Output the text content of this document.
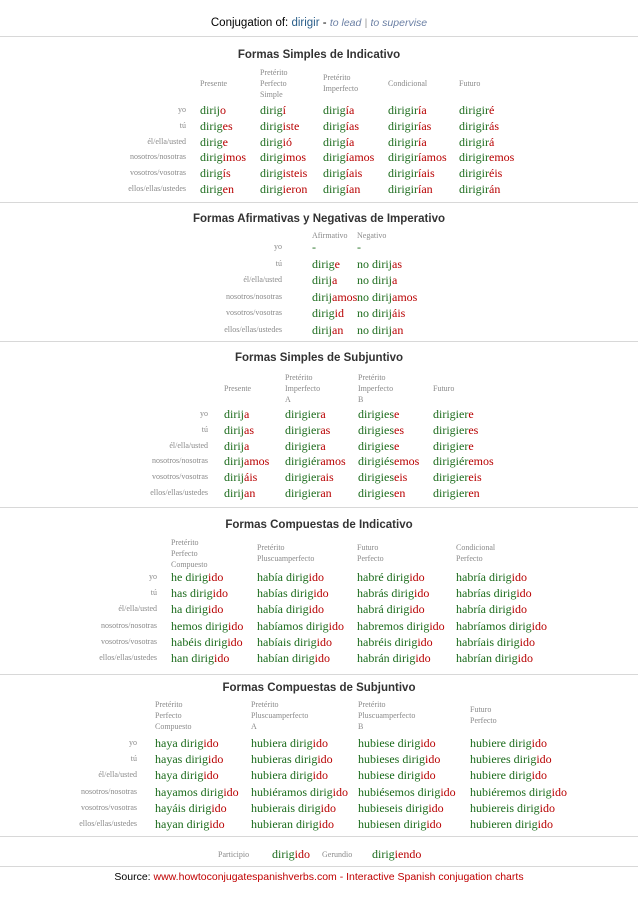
Conjugation of: dirigir - to lead | to supervise
Formas Simples de Indicativo
Presente
Pretérito
Perfecto
Simple
Pretérito
Imperfecto
Condicional	Futuro
yo
tú
él/ella/usted
nosotros/nosotras
vosotros/vosotras
ellos/ellas/ustedes
dirijo
diriges
dirige
dirigimos
dirigís
dirigen
dirigí
dirigiste
dirigió
dirigimos
dirigisteis
dirigieron
dirigía
dirigías
dirigía
dirigíamos
dirigíais
dirigían
dirigiría
dirigirías
dirigiría
dirigiríamos
dirigiríais
dirigirían
dirigiré
dirigirás
dirigirá
dirigiremos
dirigiréis
dirigirán
Formas Afirmativas y Negativas de Imperativo
Afirmativo	Negativo
yo
tú
él/ella/usted
nosotros/nosotras
vosotros/vosotras
ellos/ellas/ustedes
-
dirige
dirija
dirijamos
dirigid
dirijan
-
no dirijas
no dirija
no dirijamos
no dirijáis
no dirijan
Formas Simples de Subjuntivo
Presente
Pretérito
Imperfecto
A
Pretérito
Imperfecto
B
Futuro
yo
tú
él/ella/usted
nosotros/nosotras
vosotros/vosotras
ellos/ellas/ustedes
dirija
dirijas
dirija
dirijamos
dirijáis
dirijan
dirigiera
dirigieras
dirigiera
dirigiéramos
dirigierais
dirigieran
dirigiese
dirigieses
dirigiese
dirigiésemos
dirigieseis
dirigiesen
dirigiere
dirigieres
dirigiere
dirigiéremos
dirigiereis
dirigieren
Formas Compuestas de Indicativo
Pretérito
Perfecto
Compuesto
Pretérito
Pluscuamperfecto
Futuro
Perfecto
Condicional
Perfecto
yo
tú
él/ella/usted
nosotros/nosotras
vosotros/vosotras
ellos/ellas/ustedes
he dirigido
has dirigido
ha dirigido
hemos dirigido
habéis dirigido
han dirigido
había dirigido
habías dirigido
había dirigido
habíamos dirigido
habíais dirigido
habían dirigido
habré dirigido
habrás dirigido
habrá dirigido
habremos dirigido
habréis dirigido
habrán dirigido
habría dirigido
habrías dirigido
habría dirigido
habríamos dirigido
habríais dirigido
habrían dirigido
Formas Compuestas de Subjuntivo
Pretérito
Perfecto
Compuesto
Pretérito
Pluscuamperfecto
A
Pretérito
Pluscuamperfecto
B
Futuro
Perfecto
yo
tú
él/ella/usted
nosotros/nosotras
vosotros/vosotras
ellos/ellas/ustedes
haya dirigido
hayas dirigido
haya dirigido
hayamos dirigido
hayáis dirigido
hayan dirigido
hubiera dirigido
hubieras dirigido
hubiera dirigido
hubiéramos dirigido
hubierais dirigido
hubieran dirigido
hubiese dirigido
hubieses dirigido
hubiese dirigido
hubiésemos dirigido
hubieseis dirigido
hubiesen dirigido
hubiere dirigido
hubieres dirigido
hubiere dirigido
hubiéremos dirigido
hubiereis dirigido
hubieren dirigido
Participio dirigido Gerundio dirigiendo
Source: www.howtoconjugatespanishverbs.com - Interactive Spanish conjugation charts
